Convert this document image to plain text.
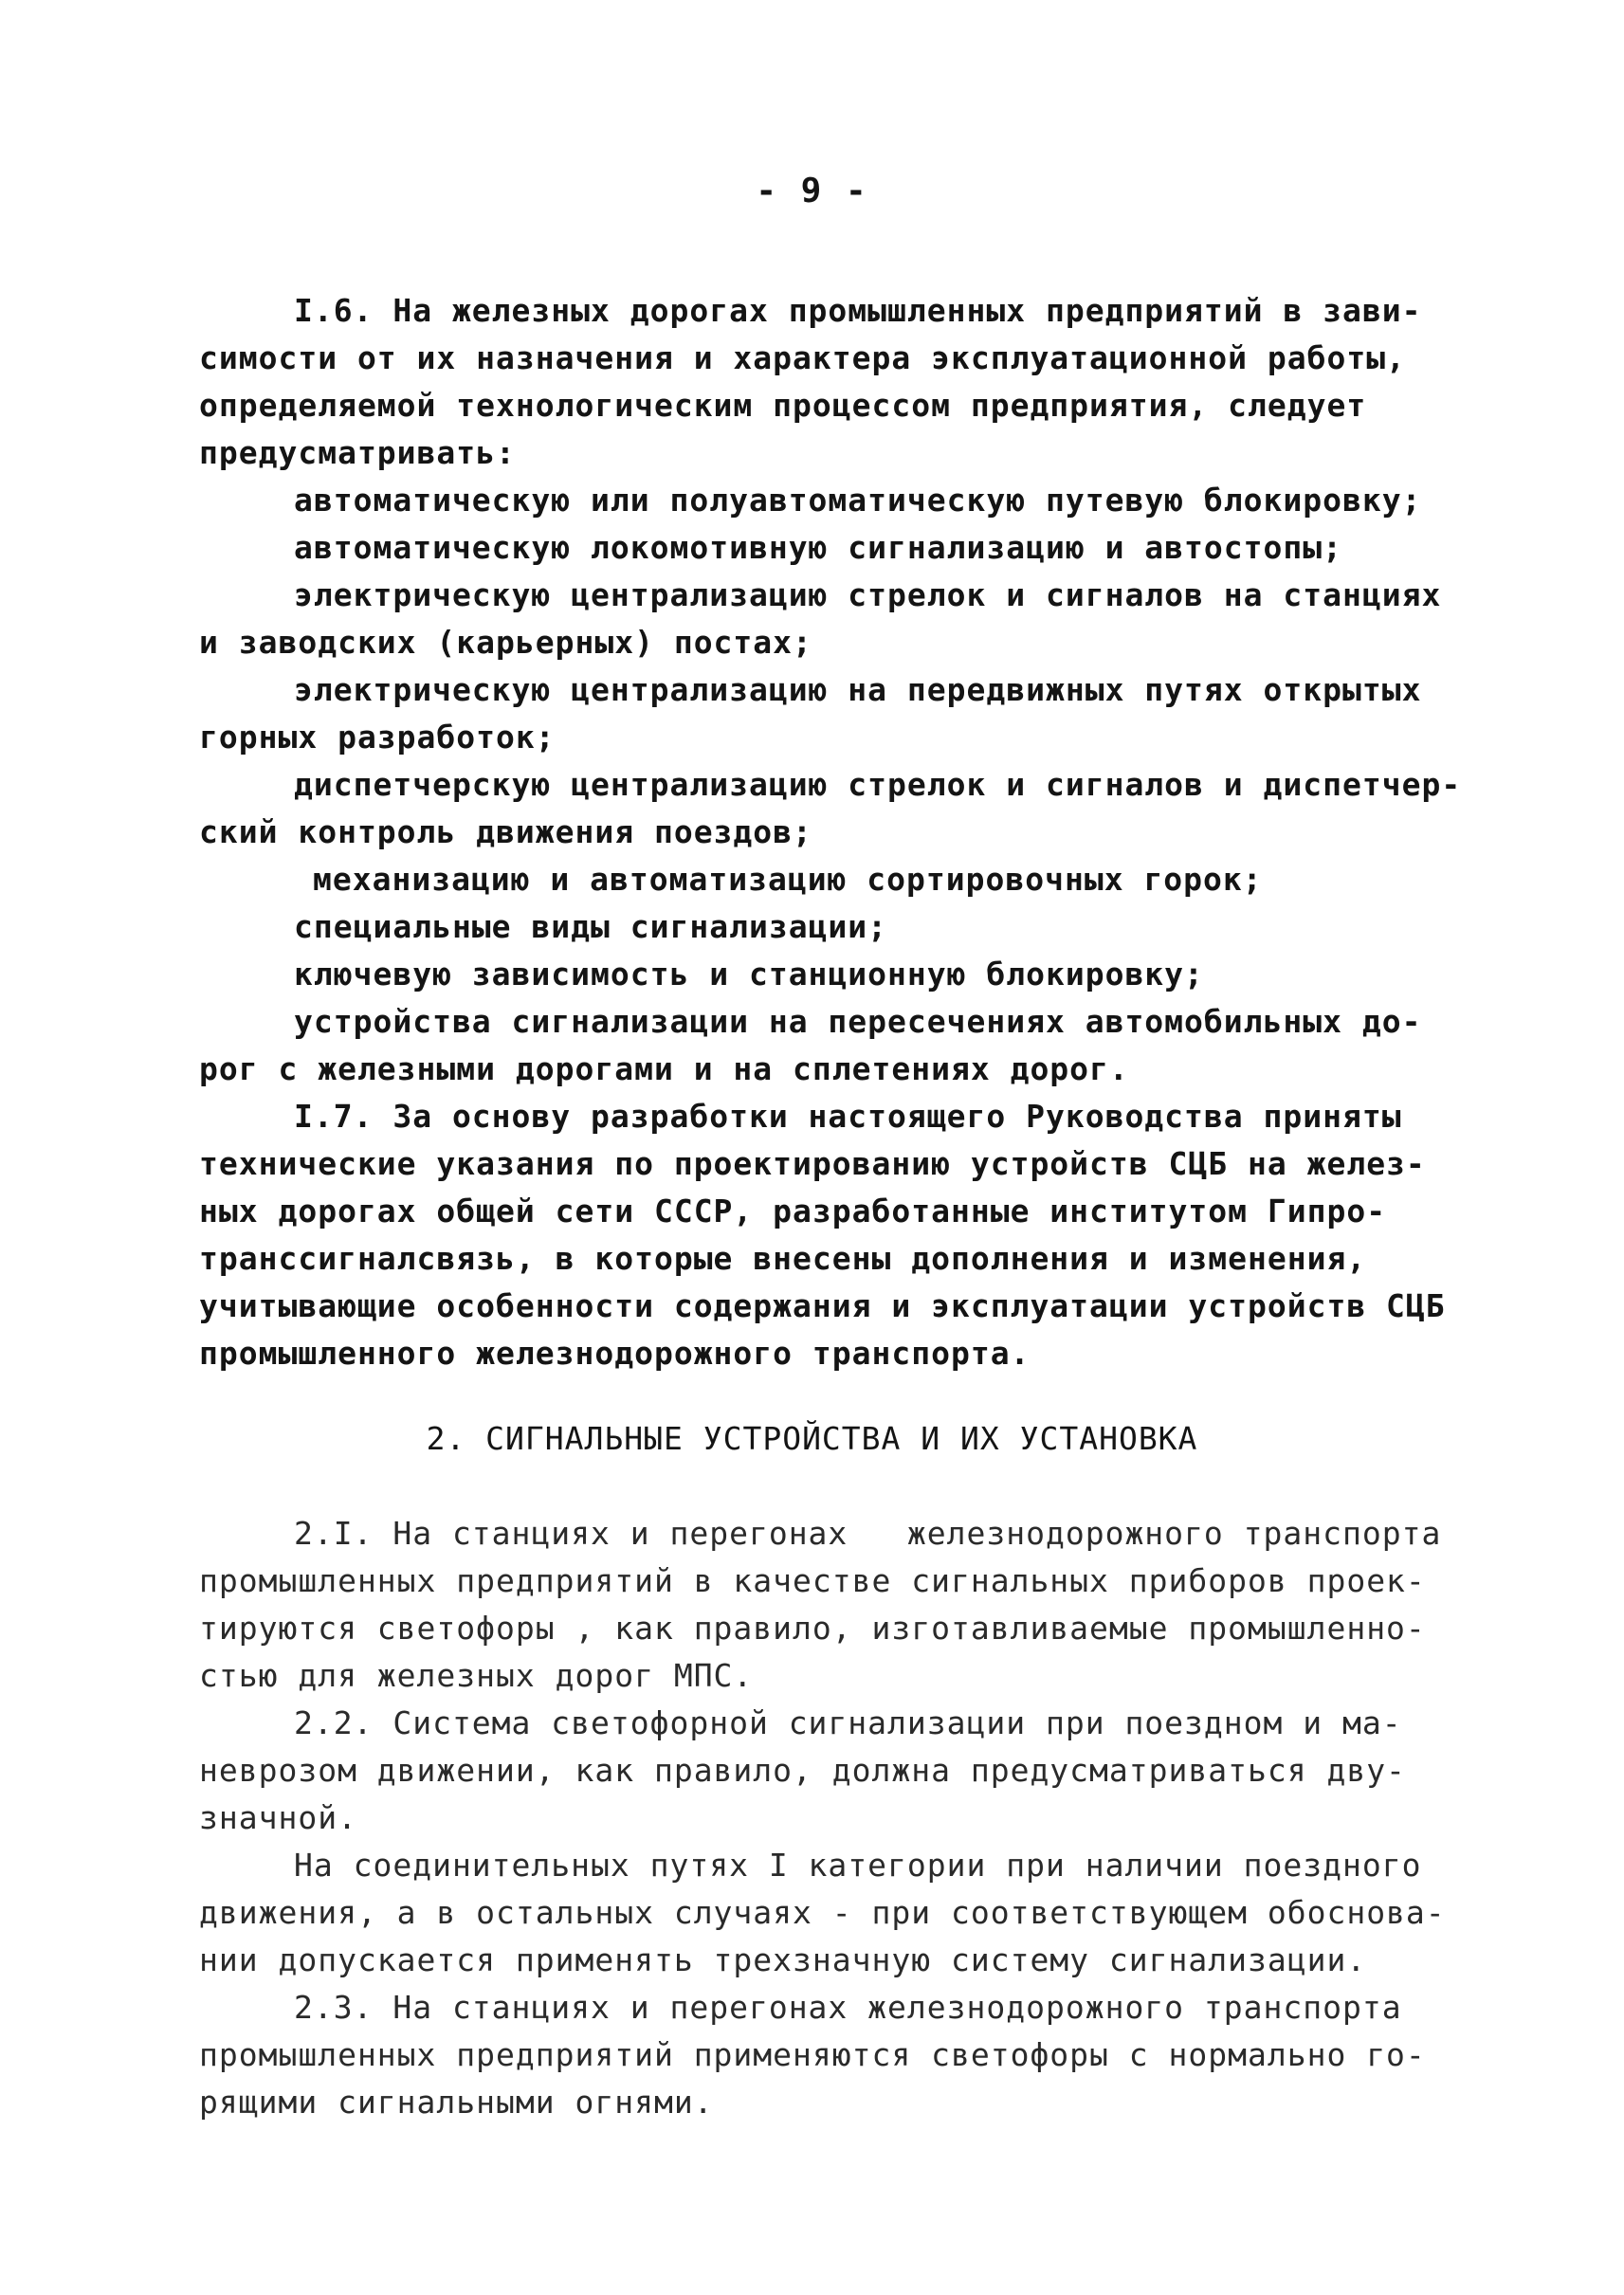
- 9 -
I.6. На железных дорогах промышленных предприятий в зави-
симости от их назначения и характера эксплуатационной работы,
определяемой технологическим процессом предприятия, следует
предусматривать:
автоматическую или полуавтоматическую путевую блокировку;
автоматическую локомотивную сигнализацию и автостопы;
электрическую централизацию стрелок и сигналов на станциях
и заводских (карьерных) постах;
электрическую централизацию на передвижных путях открытых
горных разработок;
диспетчерскую централизацию стрелок и сигналов и диспетчер-
ский контроль движения поездов;
механизацию и автоматизацию сортировочных горок;
специальные виды сигнализации;
ключевую зависимость и станционную блокировку;
устройства сигнализации на пересечениях автомобильных до-
рог с железными дорогами и на сплетениях дорог.
I.7. За основу разработки настоящего Руководства приняты
технические указания по проектированию устройств СЦБ на желез-
ных дорогах общей сети СССР, разработанные институтом Гипро-
транссигналсвязь, в которые внесены дополнения и изменения,
учитывающие особенности содержания и эксплуатации устройств СЦБ
промышленного железнодорожного транспорта.
2. СИГНАЛЬНЫЕ УСТРОЙСТВА И ИХ УСТАНОВКА
2.I. На станциях и перегонах   железнодорожного транспорта
промышленных предприятий в качестве сигнальных приборов проек-
тируются светофоры , как правило, изготавливаемые промышленно-
стью для железных дорог МПС.
2.2. Система светофорной сигнализации при поездном и ма-
неврозом движении, как правило, должна предусматриваться дву-
значной.
На соединительных путях I категории при наличии поездного
движения, а в остальных случаях - при соответствующем обоснова-
нии допускается применять трехзначную систему сигнализации.
2.3. На станциях и перегонах железнодорожного транспорта
промышленных предприятий применяются светофоры с нормально го-
рящими сигнальными огнями.
